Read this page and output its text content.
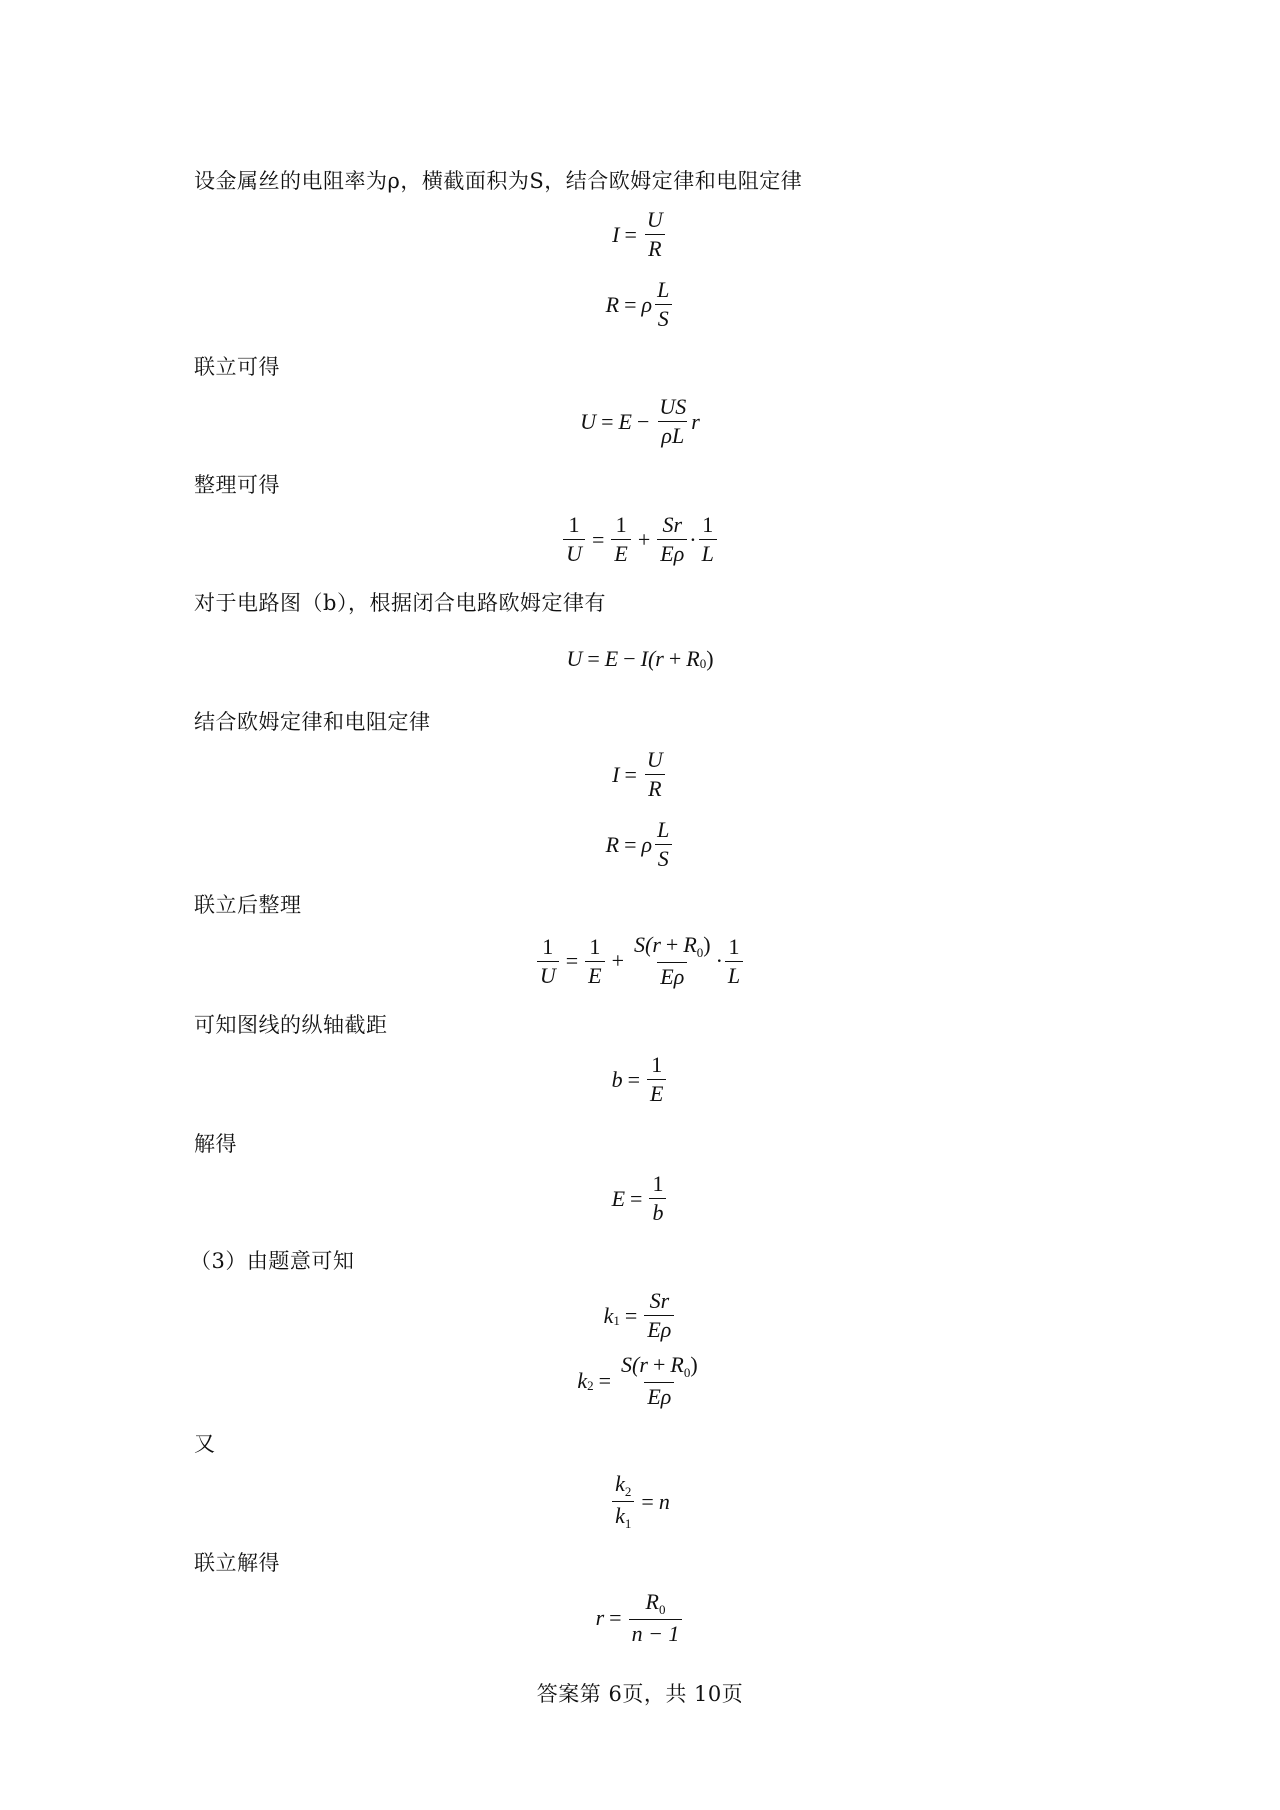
设金属丝的电阻率为ρ，横截面积为S，结合欧姆定律和电阻定律
$I = \frac{U}{R}$
R = ρ $\frac{L}{S}$
联立可得
$U = E - \frac{US}{\rho L}$ r
整理可得
$\frac{1}{U} = \frac{1}{E} + \frac{Sr}{E\rho} \cdot \frac{1}{L}$
对于电路图（b），根据闭合电路欧姆定律有
U = E − I(r + R 0 )
结合欧姆定律和电阻定律
$I = \frac{U}{R}$
R = ρ $\frac{L}{S}$
联立后整理
$\frac{1}{U} = \frac{1}{E} + \frac{S(r + R_0)}{E\rho} \cdot \frac{1}{L}$
可知图线的纵轴截距
$b = \frac{1}{E}$
解得
$E = \frac{1}{b}$
（3）由题意可知
k $1 = \frac{Sr}{E\rho}$
k $2 = \frac{S(r + R_0)}{E\rho}$
又
$\frac{k_2}{k_1} = n$
联立解得
$r = \frac{R_0}{n - 1}$
答案第 6页，共 10页
